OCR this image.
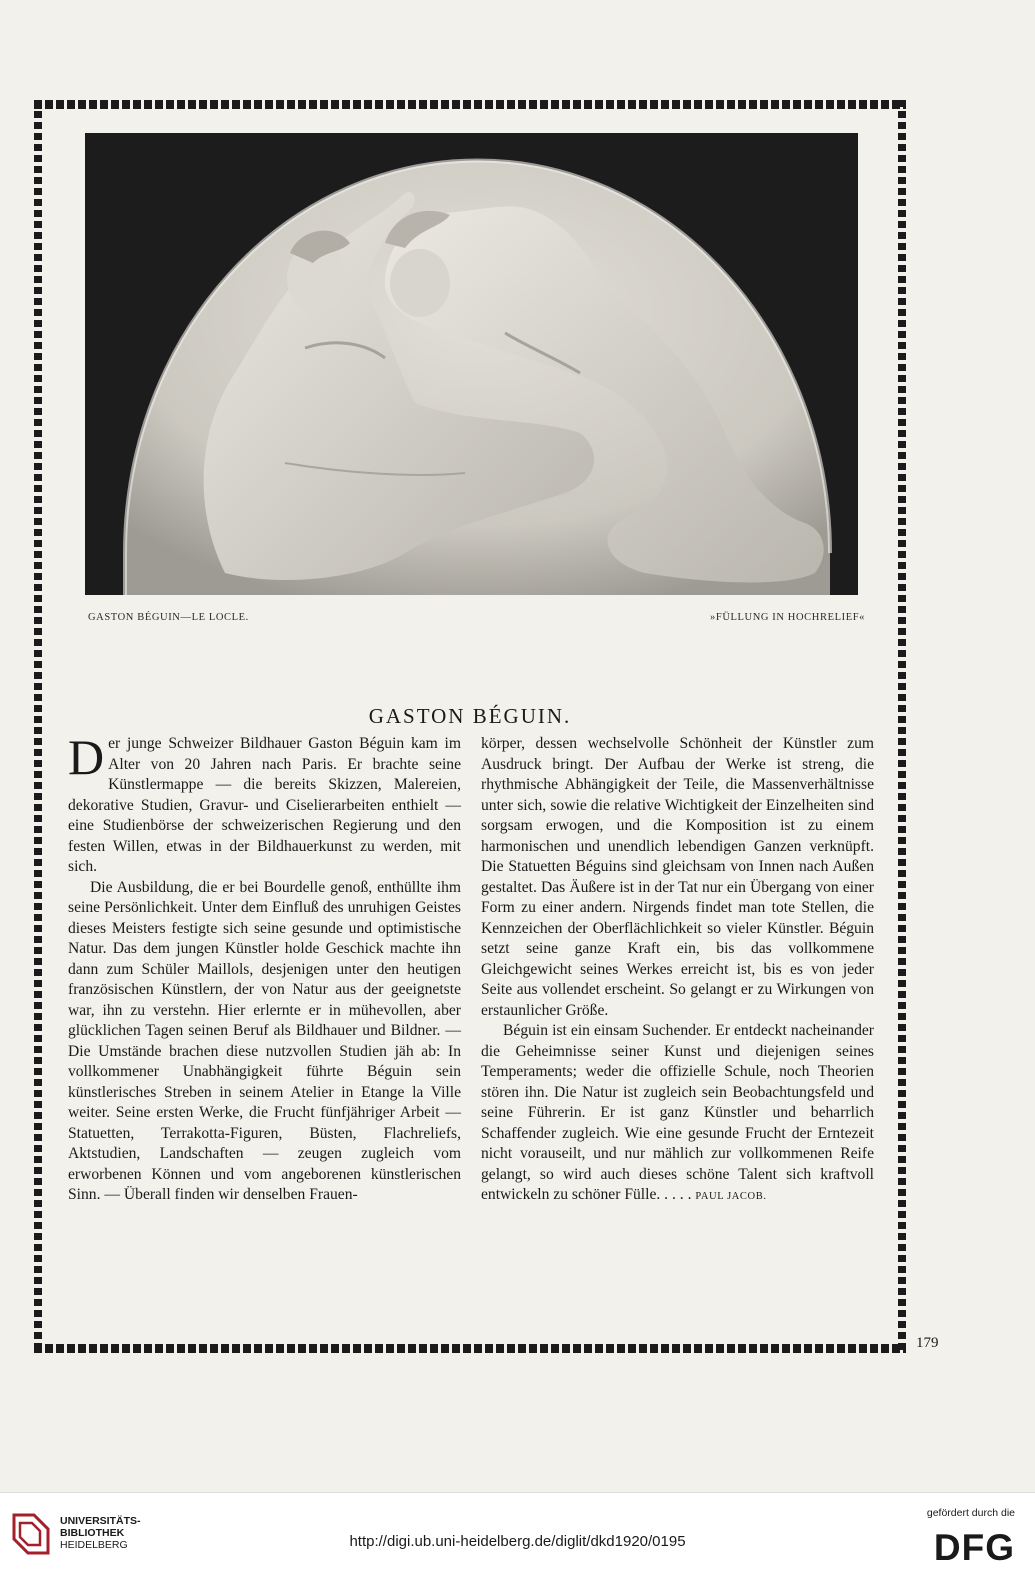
GASTON BÉGUIN—LE LOCLE.	»FÜLLUNG IN HOCHRELIEF«
GASTON BÉGUIN.

Der junge Schweizer Bildhauer Gaston Béguin kam im Alter von 20 Jahren nach Paris. Er brachte seine Künstlermappe — die bereits Skizzen, Malereien, dekorative Studien, Gravur- und Ciselierarbeiten enthielt — eine Studienbörse der schweizerischen Regierung und den festen Willen, etwas in der Bildhauerkunst zu werden, mit sich.

Die Ausbildung, die er bei Bourdelle genoß, enthüllte ihm seine Persönlichkeit. Unter dem Einfluß des unruhigen Geistes dieses Meisters festigte sich seine gesunde und optimistische Natur. Das dem jungen Künstler holde Geschick machte ihn dann zum Schüler Maillols, desjenigen unter den heutigen französischen Künstlern, der von Natur aus der geeignetste war, ihn zu verstehn. Hier erlernte er in mühevollen, aber glücklichen Tagen seinen Beruf als Bildhauer und Bildner. — Die Umstände brachen diese nutzvollen Studien jäh ab: In vollkommener Unabhängigkeit führte Béguin sein künstlerisches Streben in seinem Atelier in Etange la Ville weiter. Seine ersten Werke, die Frucht fünfjähriger Arbeit — Statuetten, Terrakotta-Figuren, Büsten, Flachreliefs, Aktstudien, Landschaften — zeugen zugleich vom erworbenen Können und vom angeborenen künstlerischen Sinn. — Überall finden wir denselben Frauen-

körper, dessen wechselvolle Schönheit der Künstler zum Ausdruck bringt. Der Aufbau der Werke ist streng, die rhythmische Abhängigkeit der Teile, die Massenverhältnisse unter sich, sowie die relative Wichtigkeit der Einzelheiten sind sorgsam erwogen, und die Komposition ist zu einem harmonischen und unendlich lebendigen Ganzen verknüpft. Die Statuetten Béguins sind gleichsam von Innen nach Außen gestaltet. Das Äußere ist in der Tat nur ein Übergang von einer Form zu einer andern. Nirgends findet man tote Stellen, die Kennzeichen der Oberflächlichkeit so vieler Künstler. Béguin setzt seine ganze Kraft ein, bis das vollkommene Gleichgewicht seines Werkes erreicht ist, bis es von jeder Seite aus vollendet erscheint. So gelangt er zu Wirkungen von erstaunlicher Größe.

Béguin ist ein einsam Suchender. Er entdeckt nacheinander die Geheimnisse seiner Kunst und diejenigen seines Temperaments; weder die offizielle Schule, noch Theorien stören ihn. Die Natur ist zugleich sein Beobachtungsfeld und seine Führerin. Er ist ganz Künstler und beharrlich Schaffender zugleich. Wie eine gesunde Frucht der Erntezeit nicht vorauseilt, und nur mählich zur vollkommenen Reife gelangt, so wird auch dieses schöne Talent sich kraftvoll entwickeln zu schöner Fülle. . . . . PAUL JACOB.

179
UNIVERSITÄTS-
BIBLIOTHEK
HEIDELBERG	http://digi.ub.uni-heidelberg.de/diglit/dkd1920/0195
gefördert durch die
DFG
